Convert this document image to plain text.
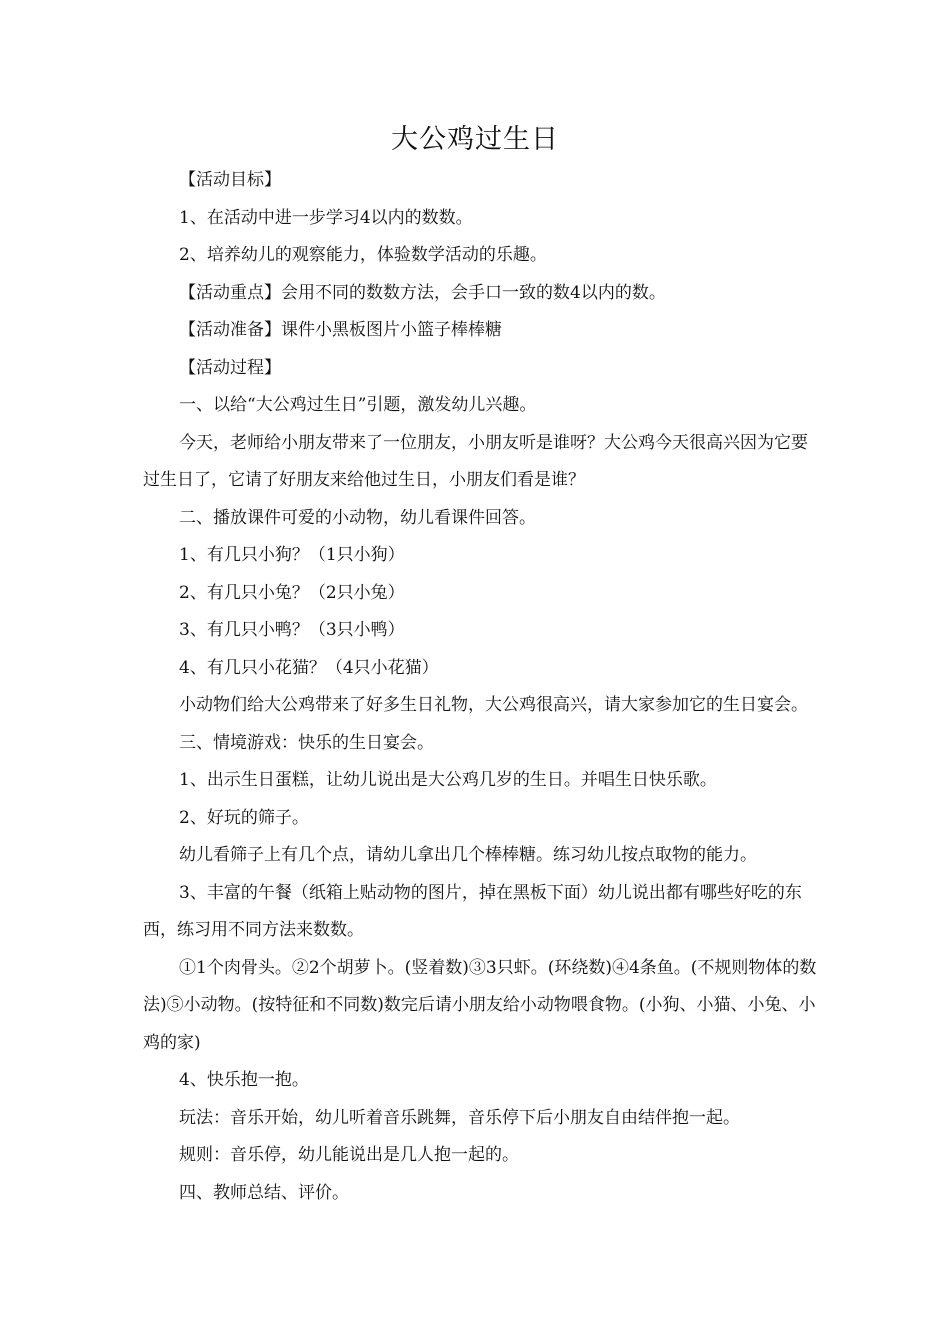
大公鸡过生日

【活动目标】

1、在活动中进一步学习4以内的数数。

2、培养幼儿的观察能力，体验数学活动的乐趣。

【活动重点】会用不同的数数方法，会手口一致的数4以内的数。

【活动准备】课件小黑板图片小篮子棒棒糖

【活动过程】

一、以给“大公鸡过生日”引题，激发幼儿兴趣。

今天，老师给小朋友带来了一位朋友，小朋友听是谁呀？大公鸡今天很高兴因为它要过生日了，它请了好朋友来给他过生日，小朋友们看是谁？

二、播放课件可爱的小动物，幼儿看课件回答。

1、有几只小狗？（1只小狗）

2、有几只小兔？（2只小兔）

3、有几只小鸭？（3只小鸭）

4、有几只小花猫？（4只小花猫）

小动物们给大公鸡带来了好多生日礼物，大公鸡很高兴，请大家参加它的生日宴会。

三、情境游戏：快乐的生日宴会。

1、出示生日蛋糕，让幼儿说出是大公鸡几岁的生日。并唱生日快乐歌。

2、好玩的筛子。

幼儿看筛子上有几个点，请幼儿拿出几个棒棒糖。练习幼儿按点取物的能力。

3、丰富的午餐（纸箱上贴动物的图片，掉在黑板下面）幼儿说出都有哪些好吃的东西，练习用不同方法来数数。

①1个肉骨头。②2个胡萝卜。(竖着数)③3只虾。(环绕数)④4条鱼。(不规则物体的数法)⑤小动物。(按特征和不同数)数完后请小朋友给小动物喂食物。(小狗、小猫、小兔、小鸡的家)

4、快乐抱一抱。

玩法：音乐开始，幼儿听着音乐跳舞，音乐停下后小朋友自由结伴抱一起。

规则：音乐停，幼儿能说出是几人抱一起的。

四、教师总结、评价。
